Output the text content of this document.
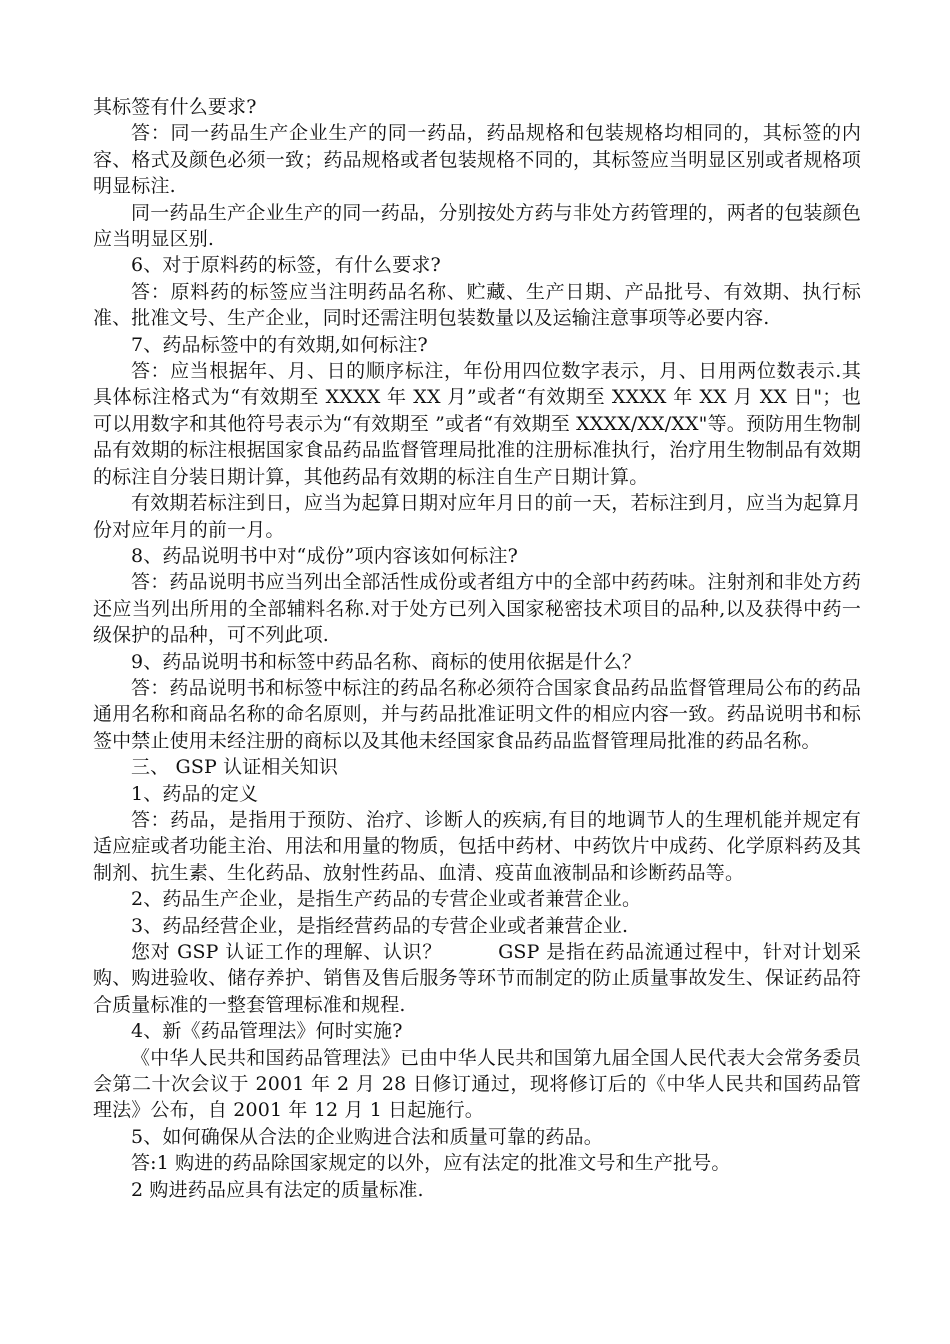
其标签有什么要求?

答：同一药品生产企业生产的同一药品，药品规格和包装规格均相同的，其标签的内容、格式及颜色必须一致；药品规格或者包装规格不同的，其标签应当明显区别或者规格项明显标注.

同一药品生产企业生产的同一药品，分别按处方药与非处方药管理的，两者的包装颜色应当明显区别.

6、对于原料药的标签，有什么要求?

答：原料药的标签应当注明药品名称、贮藏、生产日期、产品批号、有效期、执行标准、批准文号、生产企业，同时还需注明包装数量以及运输注意事项等必要内容.

7、药品标签中的有效期,如何标注?

答：应当根据年、月、日的顺序标注，年份用四位数字表示，月、日用两位数表示.其具体标注格式为“有效期至 XXXX 年 XX 月”或者“有效期至 XXXX 年 XX 月 XX 日"；也可以用数字和其他符号表示为“有效期至 ”或者“有效期至 XXXX/XX/XX"等。预防用生物制品有效期的标注根据国家食品药品监督管理局批准的注册标准执行，治疗用生物制品有效期的标注自分装日期计算，其他药品有效期的标注自生产日期计算。

有效期若标注到日，应当为起算日期对应年月日的前一天，若标注到月，应当为起算月份对应年月的前一月。

8、药品说明书中对“成份”项内容该如何标注?

答：药品说明书应当列出全部活性成份或者组方中的全部中药药味。注射剂和非处方药还应当列出所用的全部辅料名称.对于处方已列入国家秘密技术项目的品种,以及获得中药一级保护的品种，可不列此项.

9、药品说明书和标签中药品名称、商标的使用依据是什么？

答：药品说明书和标签中标注的药品名称必须符合国家食品药品监督管理局公布的药品通用名称和商品名称的命名原则，并与药品批准证明文件的相应内容一致。药品说明书和标签中禁止使用未经注册的商标以及其他未经国家食品药品监督管理局批准的药品名称。

三、 GSP 认证相关知识

1、药品的定义

答：药品，是指用于预防、治疗、诊断人的疾病,有目的地调节人的生理机能并规定有适应症或者功能主治、用法和用量的物质，包括中药材、中药饮片中成药、化学原料药及其制剂、抗生素、生化药品、放射性药品、血清、疫苗血液制品和诊断药品等。

2、药品生产企业，是指生产药品的专营企业或者兼营企业。

3、药品经营企业，是指经营药品的专营企业或者兼营企业.

您对 GSP 认证工作的理解、认识？	GSP 是指在药品流通过程中，针对计划采购、购进验收、储存养护、销售及售后服务等环节而制定的防止质量事故发生、保证药品符合质量标准的一整套管理标准和规程.

4、新《药品管理法》何时实施?

《中华人民共和国药品管理法》已由中华人民共和国第九届全国人民代表大会常务委员会第二十次会议于 2001 年 2 月 28 日修订通过，现将修订后的《中华人民共和国药品管理法》公布，自 2001 年 12 月 1 日起施行。

5、如何确保从合法的企业购进合法和质量可靠的药品。

答:1 购进的药品除国家规定的以外，应有法定的批准文号和生产批号。

2 购进药品应具有法定的质量标准.
